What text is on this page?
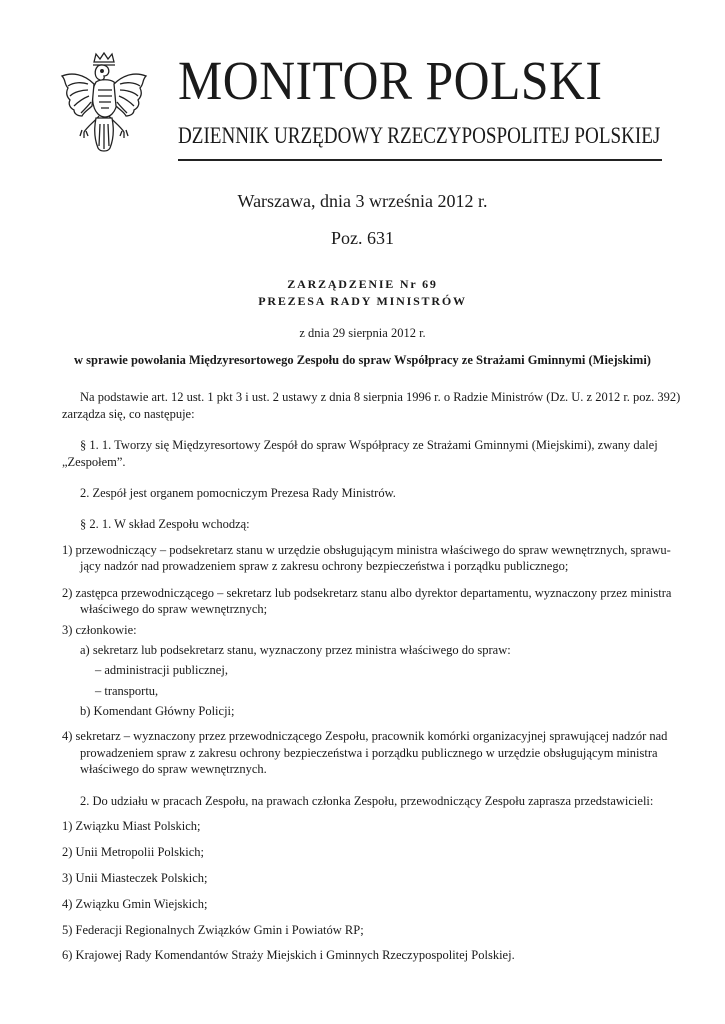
MONITOR POLSKI
DZIENNIK URZĘDOWY RZECZYPOSPOLITEJ POLSKIEJ
Warszawa, dnia 3 września 2012 r.
Poz. 631
ZARZĄDZENIE Nr 69
PREZESA RADY MINISTRÓW
z dnia 29 sierpnia 2012 r.
w sprawie powołania Międzyresortowego Zespołu do spraw Współpracy ze Strażami Gminnymi (Miejskimi)
Na podstawie art. 12 ust. 1 pkt 3 i ust. 2 ustawy z dnia 8 sierpnia 1996 r. o Radzie Ministrów (Dz. U. z 2012 r. poz. 392)
zarządza się, co następuje:
§ 1. 1. Tworzy się Międzyresortowy Zespół do spraw Współpracy ze Strażami Gminnymi (Miejskimi), zwany dalej
„Zespołem”.
2. Zespół jest organem pomocniczym Prezesa Rady Ministrów.
§ 2. 1. W skład Zespołu wchodzą:
1) przewodniczący – podsekretarz stanu w urzędzie obsługującym ministra właściwego do spraw wewnętrznych, sprawu-
jący nadzór nad prowadzeniem spraw z zakresu ochrony bezpieczeństwa i porządku publicznego;
2) zastępca przewodniczącego – sekretarz lub podsekretarz stanu albo dyrektor departamentu, wyznaczony przez ministra
właściwego do spraw wewnętrznych;
3) członkowie:
a) sekretarz lub podsekretarz stanu, wyznaczony przez ministra właściwego do spraw:
– administracji publicznej,
– transportu,
b) Komendant Główny Policji;
4) sekretarz – wyznaczony przez przewodniczącego Zespołu, pracownik komórki organizacyjnej sprawującej nadzór nad
prowadzeniem spraw z zakresu ochrony bezpieczeństwa i porządku publicznego w urzędzie obsługującym ministra
właściwego do spraw wewnętrznych.
2. Do udziału w pracach Zespołu, na prawach członka Zespołu, przewodniczący Zespołu zaprasza przedstawicieli:
1) Związku Miast Polskich;
2) Unii Metropolii Polskich;
3) Unii Miasteczek Polskich;
4) Związku Gmin Wiejskich;
5) Federacji Regionalnych Związków Gmin i Powiatów RP;
6) Krajowej Rady Komendantów Straży Miejskich i Gminnych Rzeczypospolitej Polskiej.
